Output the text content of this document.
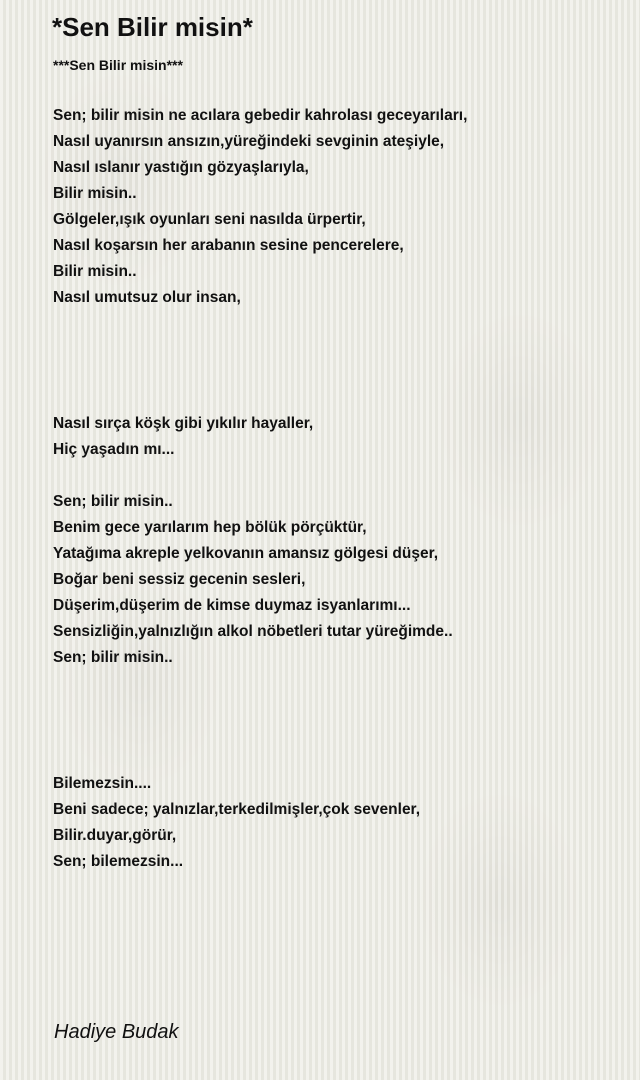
*Sen Bilir misin*

***Sen Bilir misin***

Sen; bilir misin ne acılara gebedir kahrolası geceyarıları,
Nasıl uyanırsın ansızın,yüreğindeki sevginin ateşiyle,
Nasıl ıslanır yastığın gözyaşlarıyla,
Bilir misin..
Gölgeler,ışık oyunları seni nasılda ürpertir,
Nasıl koşarsın her arabanın sesine pencerelere,
Bilir misin..
Nasıl umutsuz olur insan,
Nasıl sırça köşk gibi yıkılır hayaller,
Hiç yaşadın mı...
Sen; bilir misin..
Benim gece yarılarım hep bölük pörçüktür,
Yatağıma akreple yelkovanın amansız gölgesi düşer,
Boğar beni sessiz gecenin sesleri,
Düşerim,düşerim de kimse duymaz isyanlarımı...
Sensizliğin,yalnızlığın alkol nöbetleri tutar yüreğimde..
Sen; bilir misin..
Bilemezsin....
Beni sadece; yalnızlar,terkedilmişler,çok sevenler,
Bilir.duyar,görür,
Sen; bilemezsin...

Hadiye Budak
